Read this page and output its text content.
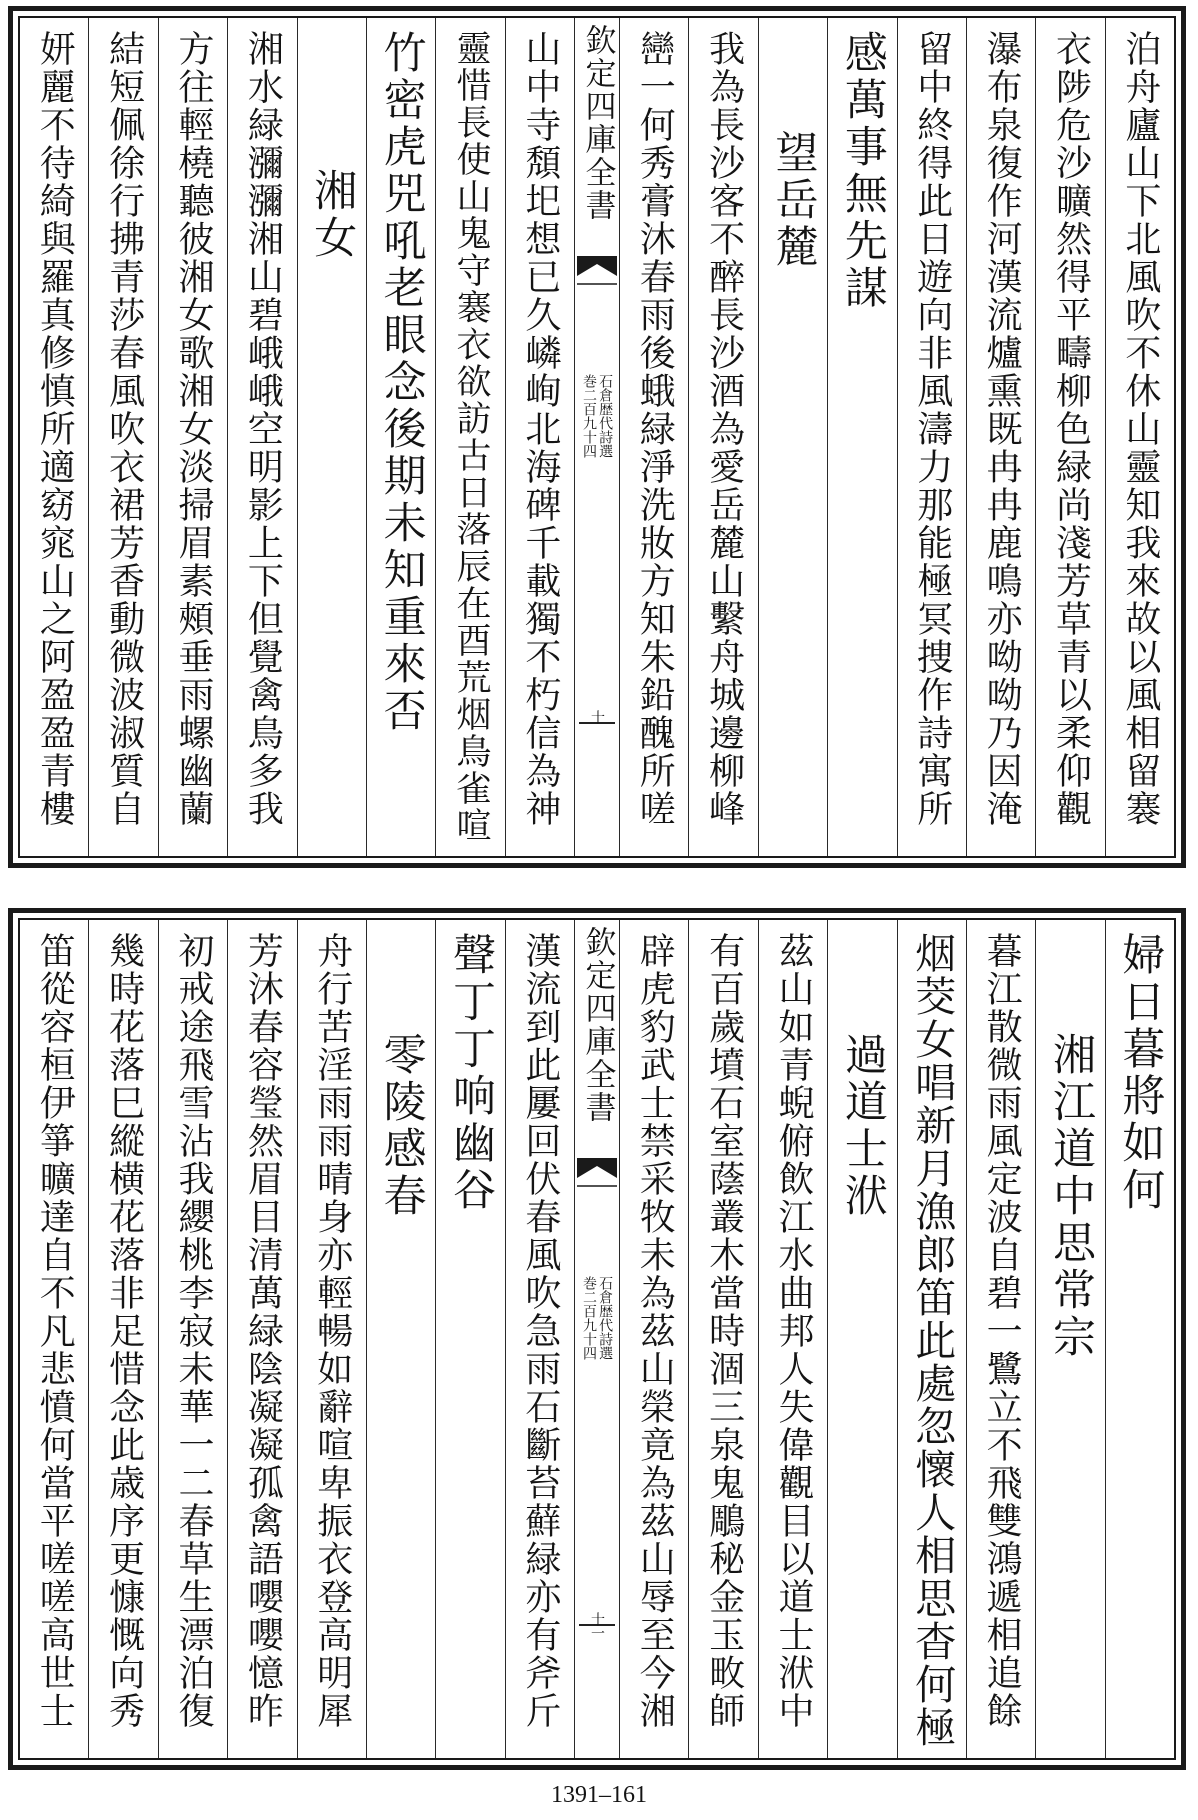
泊舟廬山下北風吹不休山靈知我來故以風相留褰
衣陟危沙曠然得平疇柳色緑尚淺芳草青以柔仰觀
瀑布泉復作河漢流爐熏既冉冉鹿鳴亦呦呦乃因淹
留中終得此日遊向非風濤力那能極冥捜作詩寓所
感萬事無先謀
望岳麓
我為長沙客不醉長沙酒為愛岳麓山繫舟城邊柳峰
巒一何秀膏沐春雨後蛾緑淨洗妝方知朱鉛醜所嗟
欽定四庫全書
石倉歴代詩選
巻二百九十四
十
山中寺頽圯想已久嶙峋北海碑千載獨不朽信為神
靈惜長使山鬼守褰衣欲訪古日落辰在酉荒烟鳥雀喧
竹密虎兕吼老眼念後期未知重來否
湘女
湘水緑瀰瀰湘山碧峨峨空明影上下但覺禽鳥多我
方往輕橈聽彼湘女歌湘女淡掃眉素頰垂雨螺幽蘭
結短佩徐行拂青莎春風吹衣裙芳香動微波淑質自
妍麗不待綺與羅真修慎所適窈窕山之阿盈盈青樓
婦日暮將如何
湘江道中思常宗
暮江散微雨風定波自碧一鷺立不飛雙鴻遞相追餘
烟茭女唱新月漁郎笛此處忽懷人相思杳何極
過道士洑
茲山如青蜺俯飲江水曲邦人失偉觀目以道士洑中
有百歲墳石室蔭叢木當時涸三泉鬼鵰秘金玉畋師
辟虎豹武士禁采牧未為茲山榮竟為茲山辱至今湘
欽定四庫全書
石倉歴代詩選
巻二百九十四
十一
漢流到此屢回伏春風吹急雨石斷苔蘚緑亦有斧斤
聲丁丁响幽谷
零陵感春
舟行苦淫雨雨晴身亦輕暢如辭喧卑振衣登高明犀
芳沐春容瑩然眉目清萬緑陰凝凝孤禽語嚶嚶憶昨
初戒途飛雪沾我纓桃李寂未華一二春草生漂泊復
幾時花落巳縱横花落非足惜念此歳序更慷慨向秀
笛從容桓伊箏曠達自不凡悲憤何當平嗟嗟高世士
1391–161
